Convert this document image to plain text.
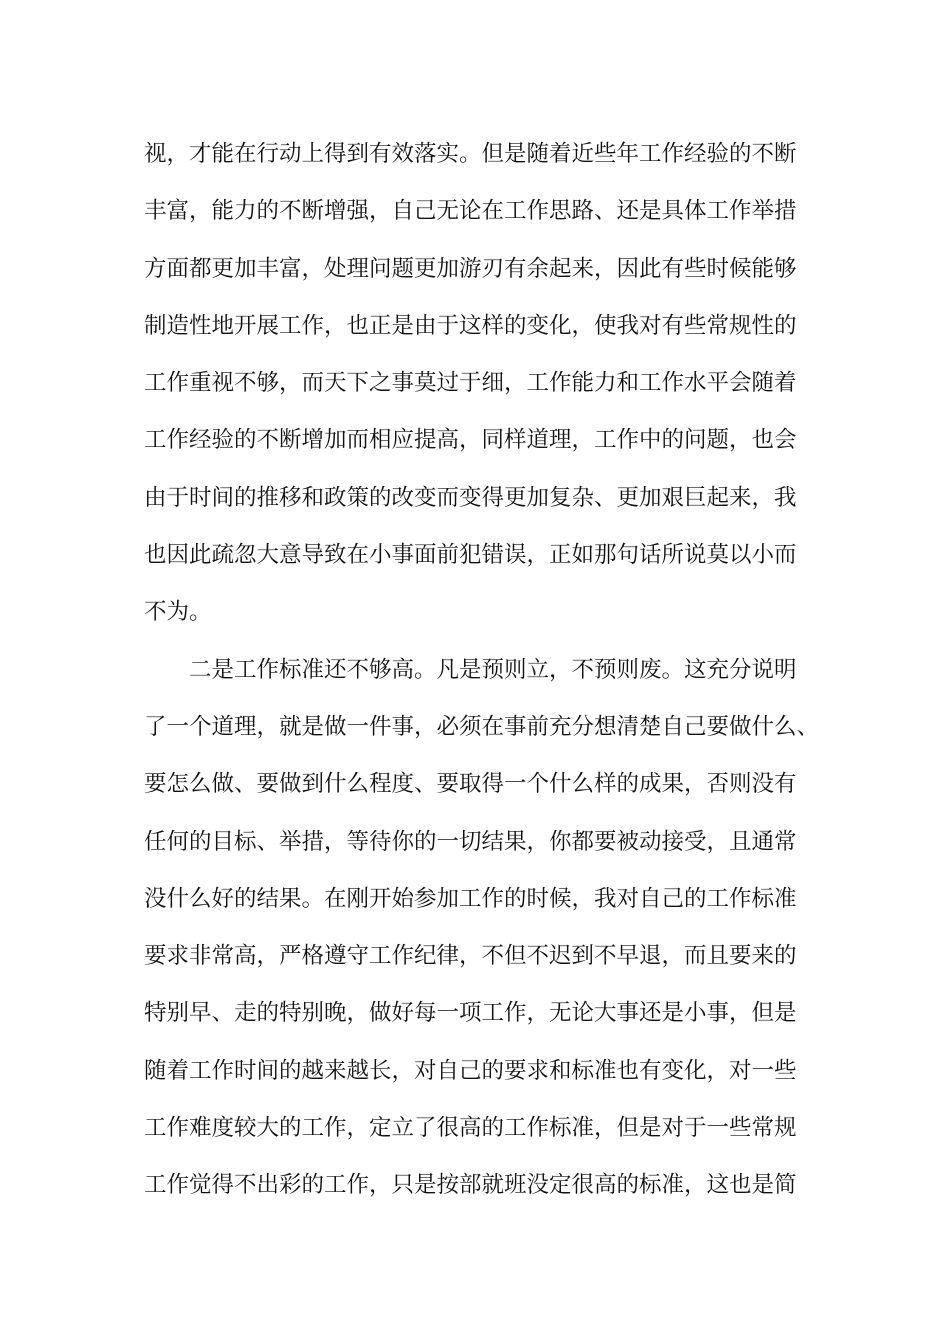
视，才能在行动上得到有效落实。但是随着近些年工作经验的不断
丰富，能力的不断增强，自己无论在工作思路、还是具体工作举措
方面都更加丰富，处理问题更加游刃有余起来，因此有些时候能够
制造性地开展工作，也正是由于这样的变化，使我对有些常规性的
工作重视不够，而天下之事莫过于细，工作能力和工作水平会随着
工作经验的不断增加而相应提高，同样道理，工作中的问题，也会
由于时间的推移和政策的改变而变得更加复杂、更加艰巨起来，我
也因此疏忽大意导致在小事面前犯错误，正如那句话所说莫以小而
不为。
二是工作标准还不够高。凡是预则立，不预则废。这充分说明
了一个道理，就是做一件事，必须在事前充分想清楚自己要做什么、
要怎么做、要做到什么程度、要取得一个什么样的成果，否则没有
任何的目标、举措，等待你的一切结果，你都要被动接受，且通常
没什么好的结果。在刚开始参加工作的时候，我对自己的工作标准
要求非常高，严格遵守工作纪律，不但不迟到不早退，而且要来的
特别早、走的特别晚，做好每一项工作，无论大事还是小事，但是
随着工作时间的越来越长，对自己的要求和标准也有变化，对一些
工作难度较大的工作，定立了很高的工作标准，但是对于一些常规
工作觉得不出彩的工作，只是按部就班没定很高的标准，这也是简
